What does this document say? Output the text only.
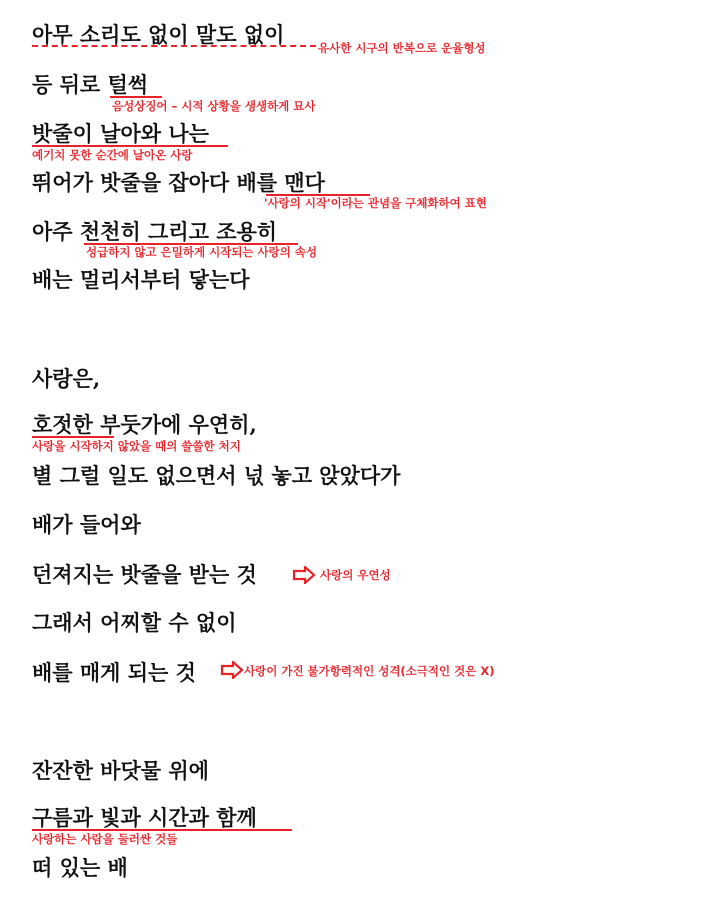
아무 소리도 없이 말도 없이
유사한 시구의 반복으로 운율형성
등 뒤로 털썩
음성상징어 – 시적 상황을 생생하게 묘사
밧줄이 날아와 나는
예기치 못한 순간에 날아온 사랑
뛰어가 밧줄을 잡아다 배를 맨다
'사랑의 시작'이라는 관념을 구체화하여 표현
아주 천천히 그리고 조용히
성급하지 않고 은밀하게 시작되는 사랑의 속성
배는 멀리서부터 닿는다
사랑은,
호젓한 부둣가에 우연히,
사랑을 시작하지 않았을 때의 쓸쓸한 처지
별 그럴 일도 없으면서 넋 놓고 앉았다가
배가 들어와
던져지는 밧줄을 받는 것	사랑의 우연성
그래서 어찌할 수 없이
배를 매게 되는 것	사랑이 가진 불가항력적인 성격(소극적인 것은 X)
잔잔한 바닷물 위에
구름과 빛과 시간과 함께
사랑하는 사람을 둘러싼 것들
떠 있는 배
